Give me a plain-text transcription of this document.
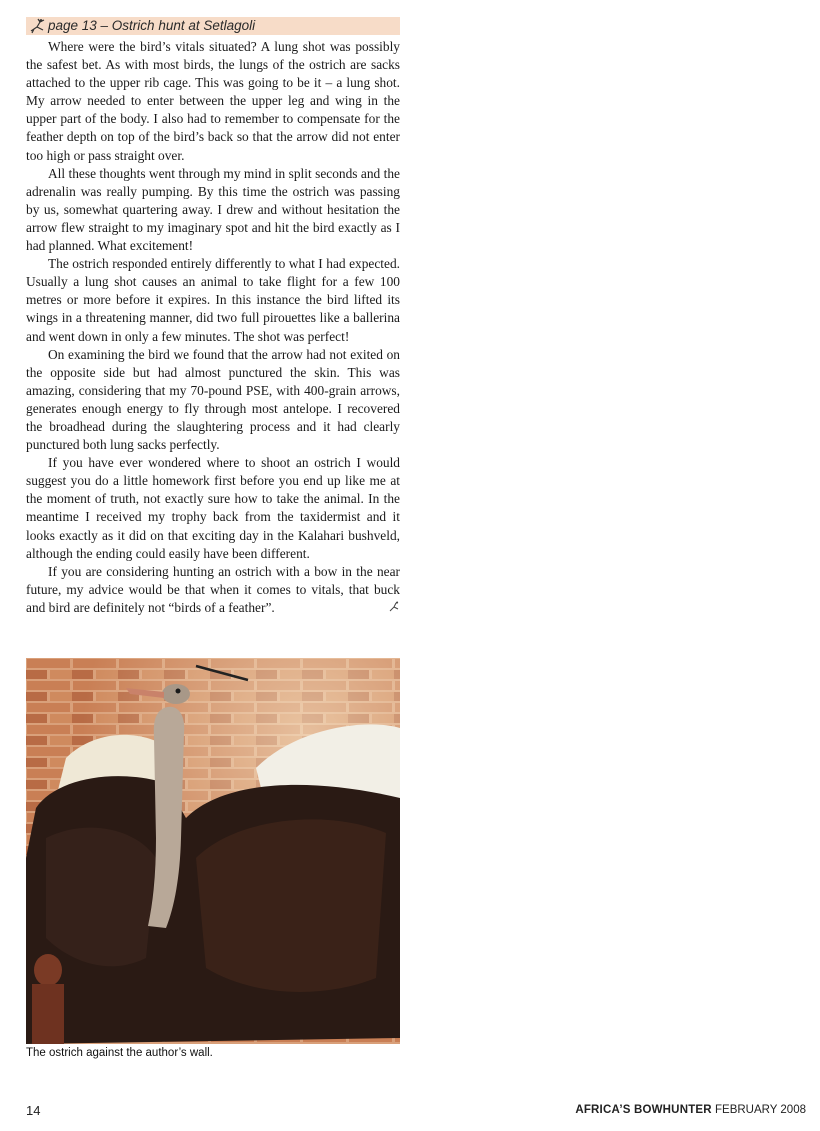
page 13 – Ostrich hunt at Setlagoli

Where were the bird’s vitals situated? A lung shot was possibly the safest bet. As with most birds, the lungs of the ostrich are sacks attached to the upper rib cage. This was going to be it – a lung shot. My arrow needed to enter between the upper leg and wing in the upper part of the body. I also had to remember to compensate for the feather depth on top of the bird’s back so that the arrow did not enter too high or pass straight over.

All these thoughts went through my mind in split seconds and the adrenalin was really pumping. By this time the ostrich was passing by us, somewhat quartering away. I drew and without hesitation the arrow flew straight to my imaginary spot and hit the bird exactly as I had planned. What excitement!

The ostrich responded entirely differently to what I had expected. Usually a lung shot causes an animal to take flight for a few 100 metres or more before it expires. In this instance the bird lifted its wings in a threatening manner, did two full pirouettes like a ballerina and went down in only a few minutes. The shot was perfect!

On examining the bird we found that the arrow had not exited on the opposite side but had almost punctured the skin. This was amazing, considering that my 70-pound PSE, with 400-grain arrows, generates enough energy to fly through most antelope. I recovered the broadhead during the slaughtering process and it had clearly punctured both lung sacks perfectly.

If you have ever wondered where to shoot an ostrich I would suggest you do a little homework first before you end up like me at the moment of truth, not exactly sure how to take the animal. In the meantime I received my trophy back from the taxidermist and it looks exactly as it did on that exciting day in the Kalahari bushveld, although the ending could easily have been different.

If you are considering hunting an ostrich with a bow in the near future, my advice would be that when it comes to vitals, that buck and bird are definitely not “birds of a feather”.

The ostrich against the author’s wall.
14	AFRICA’S BOWHUNTER FEBRUARY 2008
